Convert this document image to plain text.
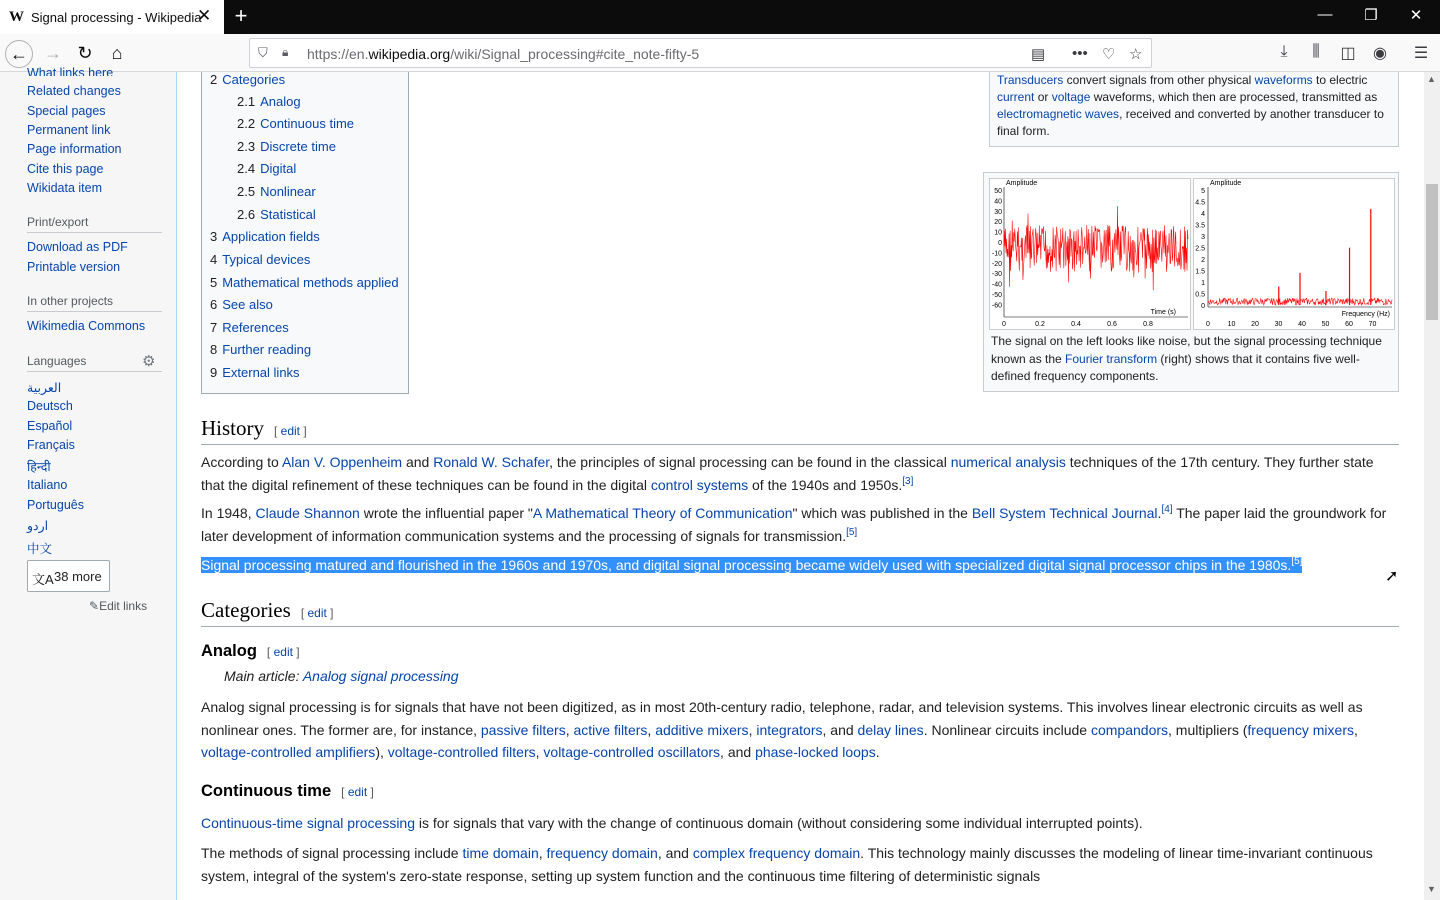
W Signal processing - Wikipedia
✕ +	—	❐	✕
← → ↻	⌂	⛉ 🔒︎ https://en.wikipedia.org/wiki/Signal_processing#cite_note-fifty-5	▤ ••• ♡ ☆	⤓	⫼	◫ ◉ ☰
What links here
Related changes
Special pages
Permanent link
Page information
Cite this page
Wikidata item
Print/export
Download as PDF
Printable version
In other projects
Wikimedia Commons
Languages	⚙
العربية
Deutsch
Español
Français
हिन्दी
Italiano
Português
اردو
中文
文A 38 more
✎Edit links
2 Categories
2.1 Analog
2.2 Continuous time
2.3 Discrete time
2.4 Digital
2.5 Nonlinear
2.6 Statistical
3 Application fields
4 Typical devices
5 Mathematical methods applied
6 See also
7 References
8 Further reading
9 External links
Transducers convert signals from other physical waveforms to electric current or voltage waveforms, which then are processed, transmitted as electromagnetic waves, received and converted by another transducer to final form.
Amplitude
Time (s)
50
40
30
20
10
0
-10
-20
-30
-40
-50
-60
0	0.2	0.4	0.6	0.8
Amplitude
Frequency (Hz)
5
4.5
4
3.5
3
2.5
2
1.5
1
0.5
0
0	10 20 30 40 50 60 70
The signal on the left looks like noise, but the signal processing technique known as the Fourier transform (right) shows that it contains five well-defined frequency components.
History [ edit ]
According to Alan V. Oppenheim and Ronald W. Schafer, the principles of signal processing can be found in the classical numerical analysis techniques of the 17th century. They further state that the digital refinement of these techniques can be found in the digital control systems of the 1940s and 1950s.[3]
In 1948, Claude Shannon wrote the influential paper "A Mathematical Theory of Communication" which was published in the Bell System Technical Journal.[4] The paper laid the groundwork for later development of information communication systems and the processing of signals for transmission.[5]
Signal processing matured and flourished in the 1960s and 1970s, and digital signal processing became widely used with specialized digital signal processor chips in the 1980s.[5]
Categories [ edit ]
Analog [ edit ]
Main article: Analog signal processing
Analog signal processing is for signals that have not been digitized, as in most 20th-century radio, telephone, radar, and television systems. This involves linear electronic circuits as well as nonlinear ones. The former are, for instance, passive filters, active filters, additive mixers, integrators, and delay lines. Nonlinear circuits include compandors, multipliers (frequency mixers, voltage-controlled amplifiers), voltage-controlled filters, voltage-controlled oscillators, and phase-locked loops.
Continuous time [ edit ]
Continuous-time signal processing is for signals that vary with the change of continuous domain (without considering some individual interrupted points).
The methods of signal processing include time domain, frequency domain, and complex frequency domain. This technology mainly discusses the modeling of linear time-invariant continuous system, integral of the system's zero-state response, setting up system function and the continuous time filtering of deterministic signals
▲
▼
➚
